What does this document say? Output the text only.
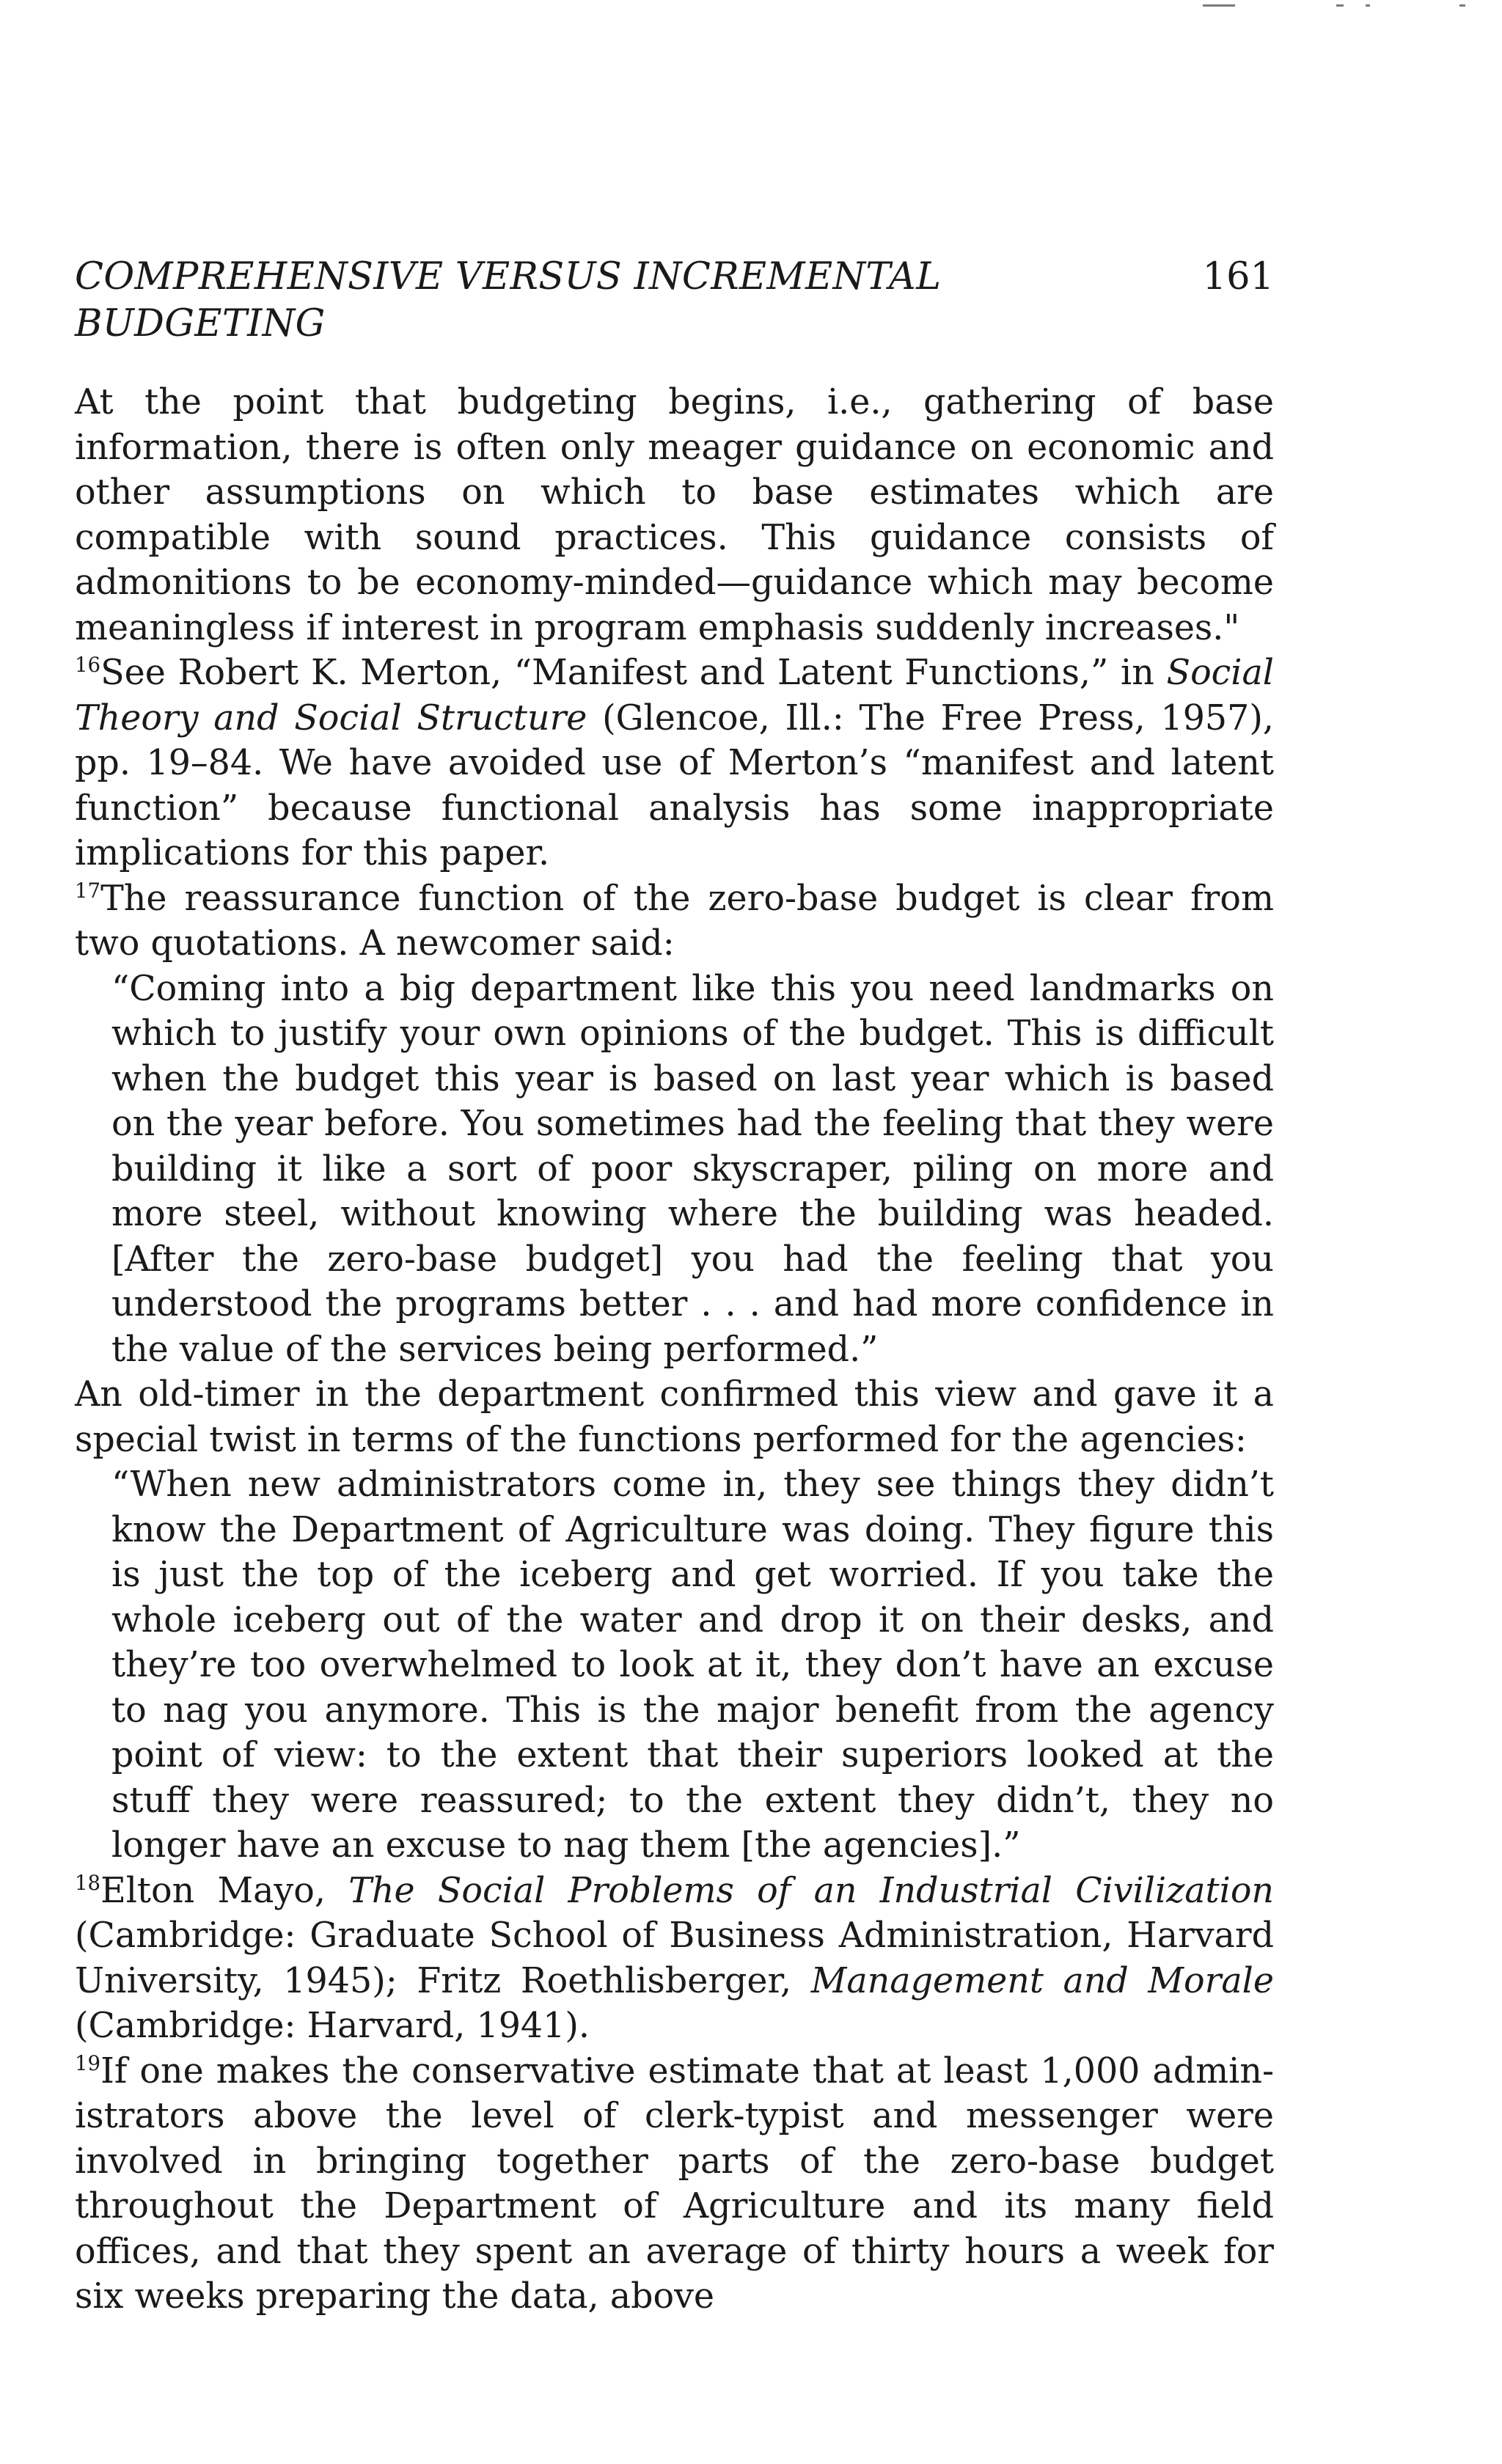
COMPREHENSIVE VERSUS INCREMENTAL BUDGETING
161

At the point that budgeting begins, i.e., gathering of base information, there is often only meager guidance on economic and other assumptions on which to base estimates which are compatible with sound practices. This guidance consists of admonitions to be economy-minded—guidance which may become meaningless if interest in program emphasis suddenly increases."

$^{16}$See Robert K. Merton, “Manifest and Latent Functions,” in Social Theory and Social Structure (Glencoe, Ill.: The Free Press, 1957), pp. 19–84. We have avoided use of Merton’s “manifest and latent function” because functional analysis has some inappropriate implications for this paper.

$^{17}$The reassurance function of the zero-base budget is clear from two quotations. A newcomer said:

“Coming into a big department like this you need landmarks on which to justify your own opinions of the budget. This is difficult when the budget this year is based on last year which is based on the year before. You sometimes had the feeling that they were building it like a sort of poor skyscraper, piling on more and more steel, without knowing where the building was headed. [After the zero-base budget] you had the feeling that you understood the programs better . . . and had more confidence in the value of the services being performed.”

An old-timer in the department confirmed this view and gave it a special twist in terms of the functions performed for the agencies:

“When new administrators come in, they see things they didn’t know the Department of Agriculture was doing. They figure this is just the top of the iceberg and get worried. If you take the whole iceberg out of the water and drop it on their desks, and they’re too overwhelmed to look at it, they don’t have an excuse to nag you anymore. This is the major benefit from the agency point of view: to the extent that their superiors looked at the stuff they were reassured; to the extent they didn’t, they no longer have an excuse to nag them [the agencies].”

$^{18}$Elton Mayo, The Social Problems of an Industrial Civilization (Cambridge: Graduate School of Business Administration, Harvard University, 1945); Fritz Roethlisberger, Management and Morale (Cambridge: Harvard, 1941).

$^{19}$If one makes the conservative estimate that at least 1,000 administrators above the level of clerk-typist and messenger were involved in bringing together parts of the zero-base budget throughout the Department of Agriculture and its many field offices, and that they spent an average of thirty hours a week for six weeks preparing the data, above
